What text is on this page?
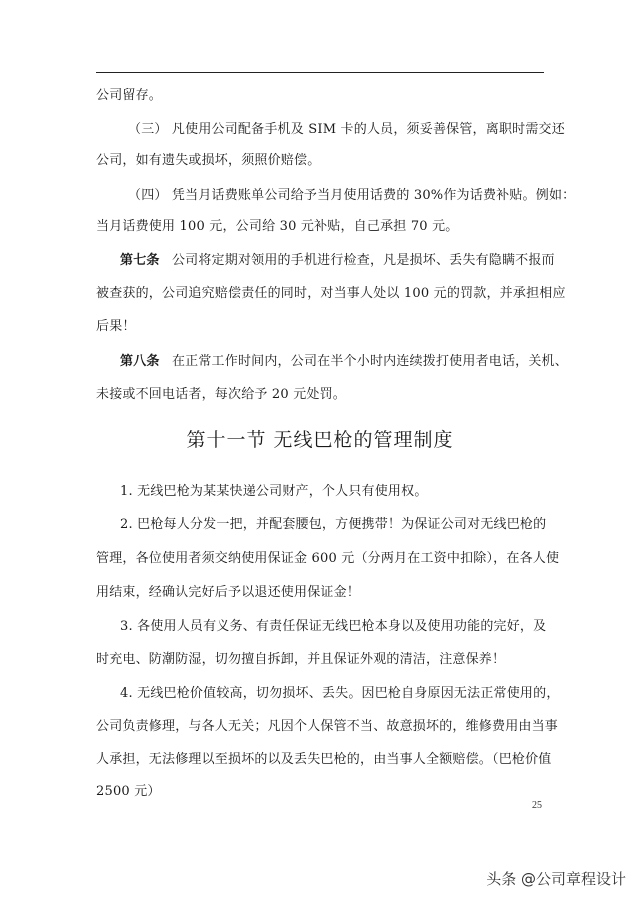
公司留存。
（三） 凡使用公司配备手机及 SIM 卡的人员，须妥善保管，离职时需交还
公司，如有遗失或损坏，须照价赔偿。
（四） 凭当月话费账单公司给予当月使用话费的 30%作为话费补贴。例如：
当月话费使用 100 元，公司给 30 元补贴，自己承担 70 元。
第七条 公司将定期对领用的手机进行检查，凡是损坏、丢失有隐瞒不报而
被查获的，公司追究赔偿责任的同时，对当事人处以 100 元的罚款，并承担相应
后果！
第八条 在正常工作时间内，公司在半个小时内连续拨打使用者电话，关机、
未接或不回电话者，每次给予 20 元处罚。
第十一节 无线巴枪的管理制度
1. 无线巴枪为某某快递公司财产，个人只有使用权。
2. 巴枪每人分发一把，并配套腰包，方便携带！为保证公司对无线巴枪的
管理，各位使用者须交纳使用保证金 600 元（分两月在工资中扣除），在各人使
用结束，经确认完好后予以退还使用保证金！
3. 各使用人员有义务、有责任保证无线巴枪本身以及使用功能的完好，及
时充电、防潮防湿，切勿擅自拆卸，并且保证外观的清洁，注意保养！
4. 无线巴枪价值较高，切勿损坏、丢失。因巴枪自身原因无法正常使用的，
公司负责修理，与各人无关；凡因个人保管不当、故意损坏的，维修费用由当事
人承担，无法修理以至损坏的以及丢失巴枪的，由当事人全额赔偿。（巴枪价值
2500 元）
25
头条 @公司章程设计
